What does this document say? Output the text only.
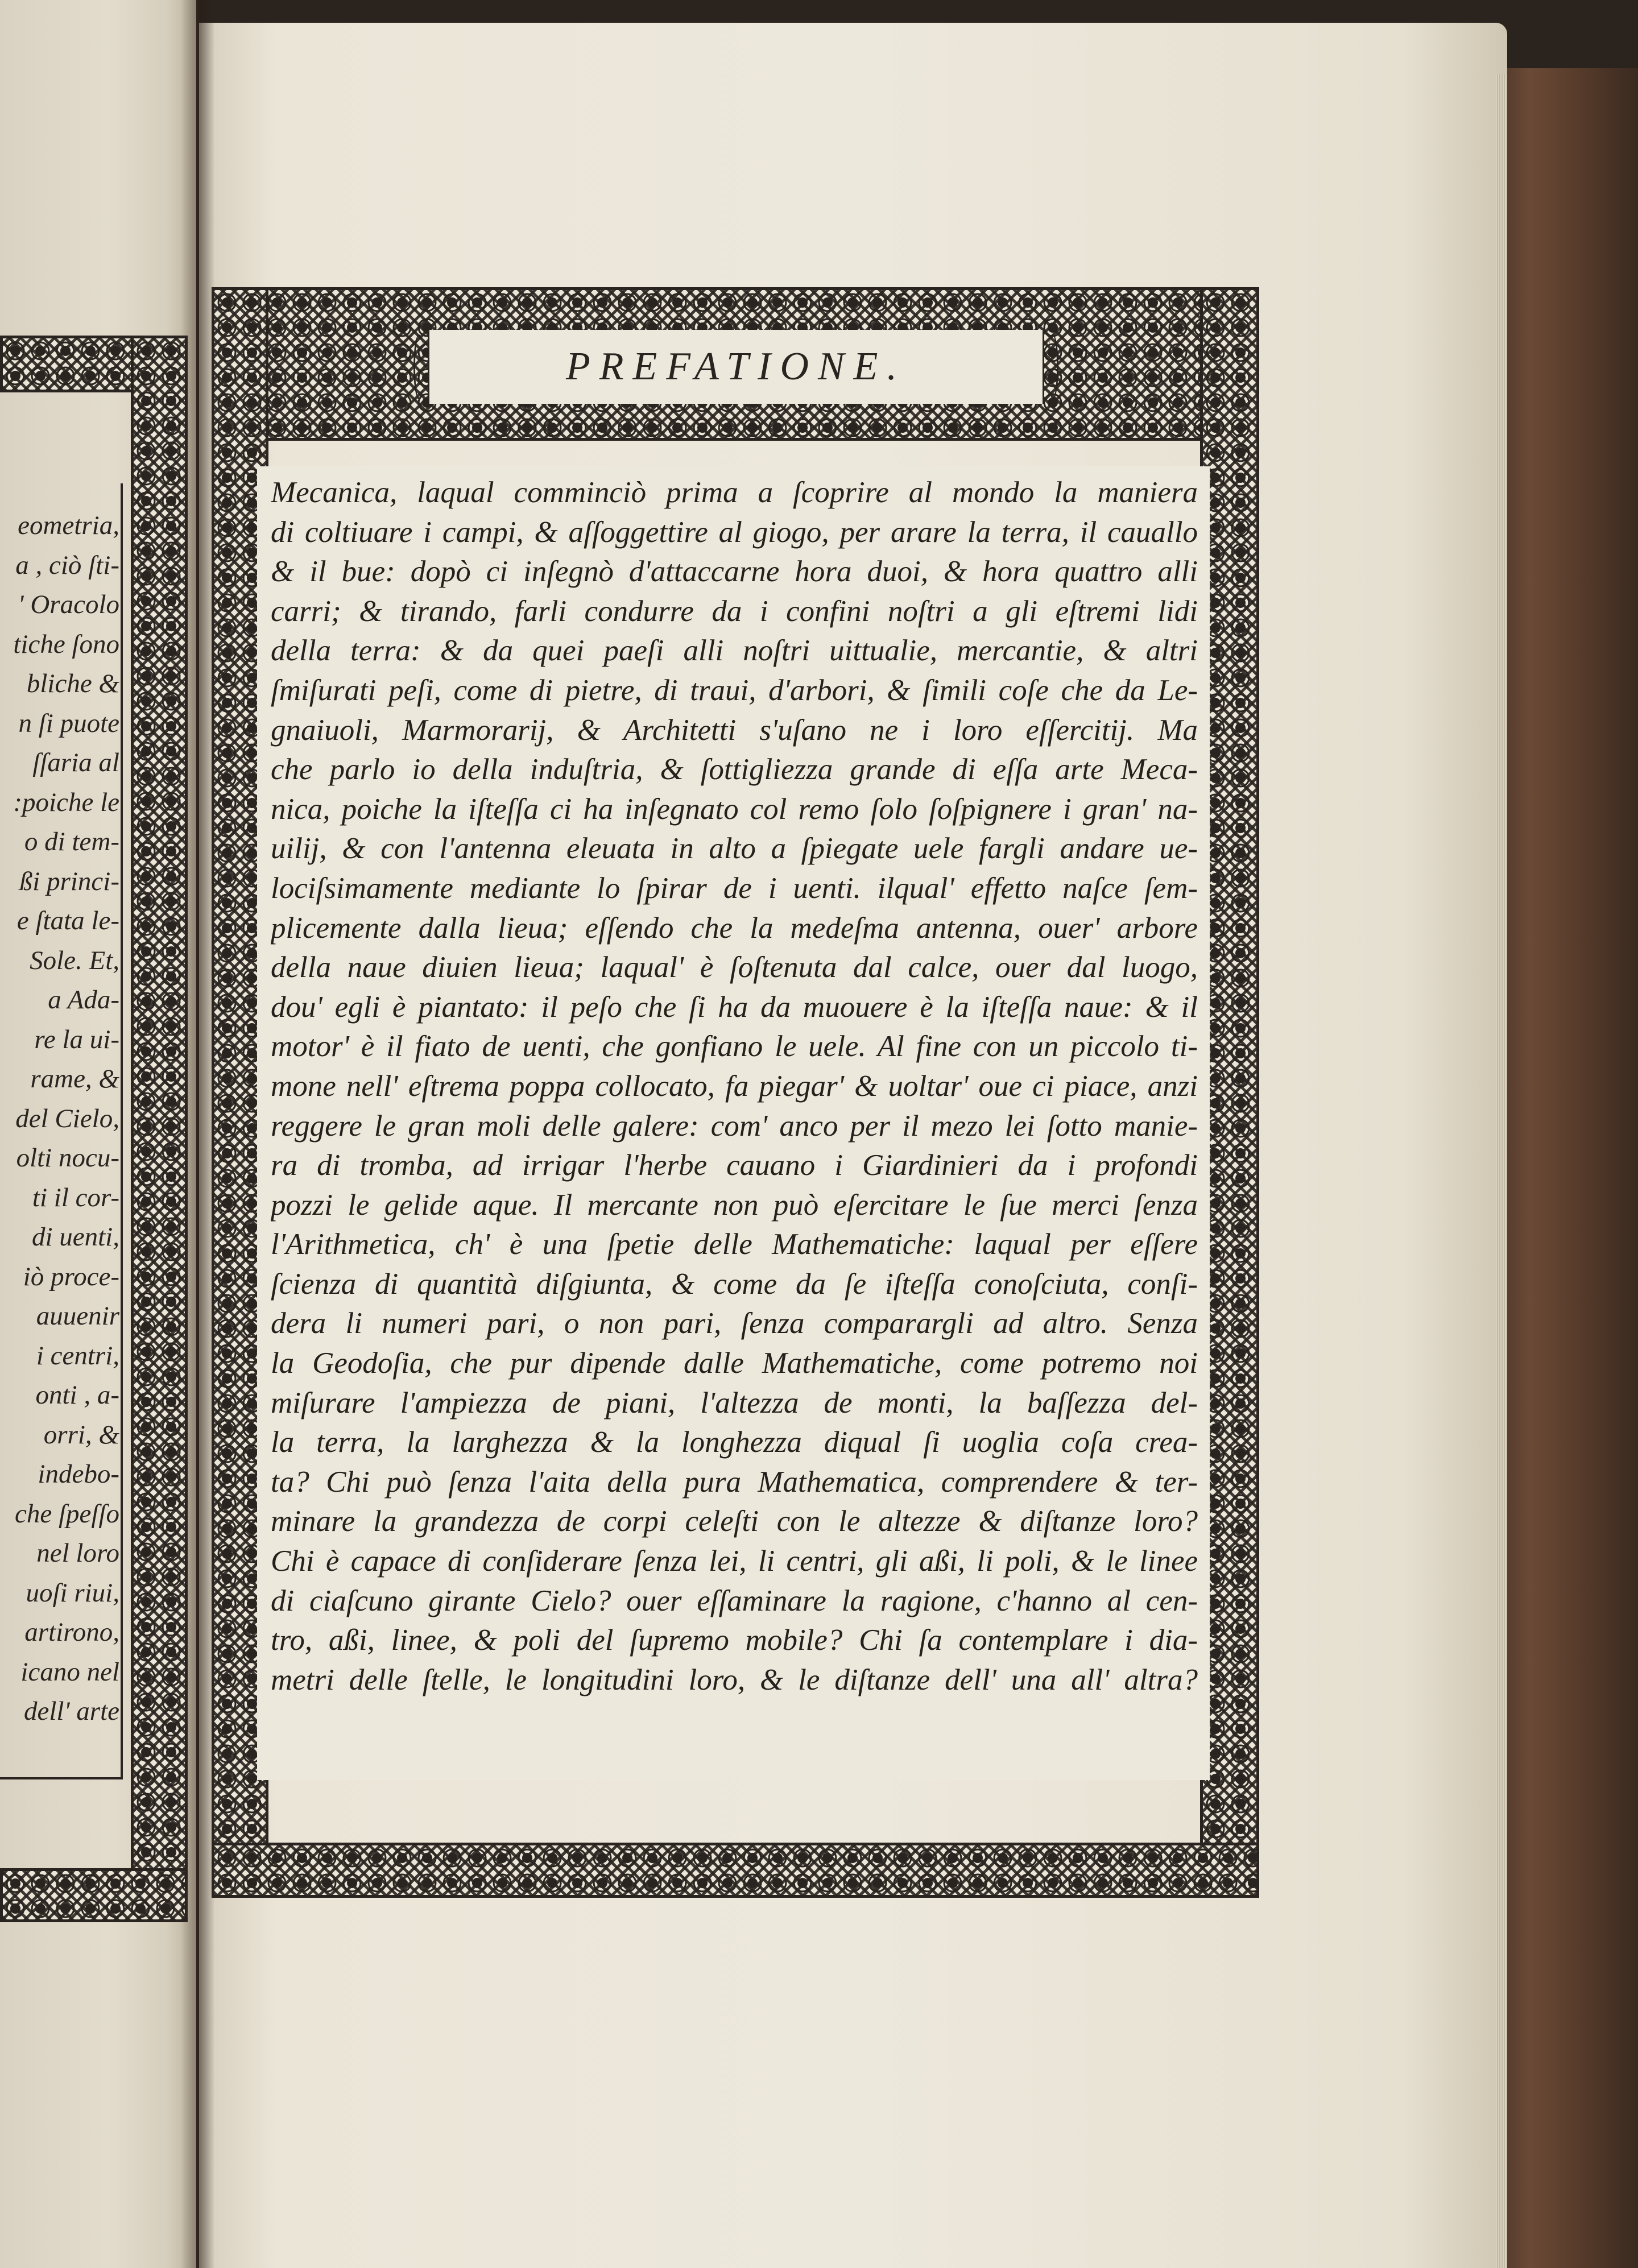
eometria,
a , ciò ſti-
' Oracolo
tiche ſono
bliche &
n ſi puote
ſſaria al
:poiche le
o di tem-
ßi princi-
e ſtata le-
Sole. Et,
a Ada-
re la ui-
rame, &
del Cielo,
olti nocu-
ti il cor-
di uenti,
iò proce-
auuenir
i centri,
onti , a-
orri, &
indebo-
che ſpeſſo
nel loro
uoſi riui,
artirono,
icano nel
dell' arte
PREFATIONE.
Mecanica, laqual comminciò prima a ſcoprire al mondo la maniera
di coltiuare i campi, & aſſoggettire al giogo, per arare la terra, il cauallo
& il bue: dopò ci inſegnò d'attaccarne hora duoi, & hora quattro alli
carri; & tirando, farli condurre da i confini noſtri a gli eſtremi lidi
della terra: & da quei paeſi alli noſtri uittualie, mercantie, & altri
ſmiſurati peſi, come di pietre, di traui, d'arbori, & ſimili coſe che da Le-
gnaiuoli, Marmorarij, & Architetti s'uſano ne i loro eſſercitij. Ma
che parlo io della induſtria, & ſottigliezza grande di eſſa arte Meca-
nica, poiche la iſteſſa ci ha inſegnato col remo ſolo ſoſpignere i gran' na-
uilij, & con l'antenna eleuata in alto a ſpiegate uele fargli andare ue-
lociſsimamente mediante lo ſpirar de i uenti. ilqual' effetto naſce ſem-
plicemente dalla lieua; eſſendo che la medeſma antenna, ouer' arbore
della naue diuien lieua; laqual' è ſoſtenuta dal calce, ouer dal luogo,
dou' egli è piantato: il peſo che ſi ha da muouere è la iſteſſa naue: & il
motor' è il fiato de uenti, che gonfiano le uele. Al fine con un piccolo ti-
mone nell' eſtrema poppa collocato, fa piegar' & uoltar' oue ci piace, anzi
reggere le gran moli delle galere: com' anco per il mezo lei ſotto manie-
ra di tromba, ad irrigar l'herbe cauano i Giardinieri da i profondi
pozzi le gelide aque. Il mercante non può eſercitare le ſue merci ſenza
l'Arithmetica, ch' è una ſpetie delle Mathematiche: laqual per eſſere
ſcienza di quantità diſgiunta, & come da ſe iſteſſa conoſciuta, conſi-
dera li numeri pari, o non pari, ſenza comparargli ad altro. Senza
la Geodoſia, che pur dipende dalle Mathematiche, come potremo noi
miſurare l'ampiezza de piani, l'altezza de monti, la baſſezza del-
la terra, la larghezza & la longhezza diqual ſi uoglia coſa crea-
ta? Chi può ſenza l'aita della pura Mathematica, comprendere & ter-
minare la grandezza de corpi celeſti con le altezze & diſtanze loro?
Chi è capace di conſiderare ſenza lei, li centri, gli aßi, li poli, & le linee
di ciaſcuno girante Cielo? ouer eſſaminare la ragione, c'hanno al cen-
tro, aßi, linee, & poli del ſupremo mobile? Chi ſa contemplare i dia-
metri delle ſtelle, le longitudini loro, & le diſtanze dell' una all' altra?
